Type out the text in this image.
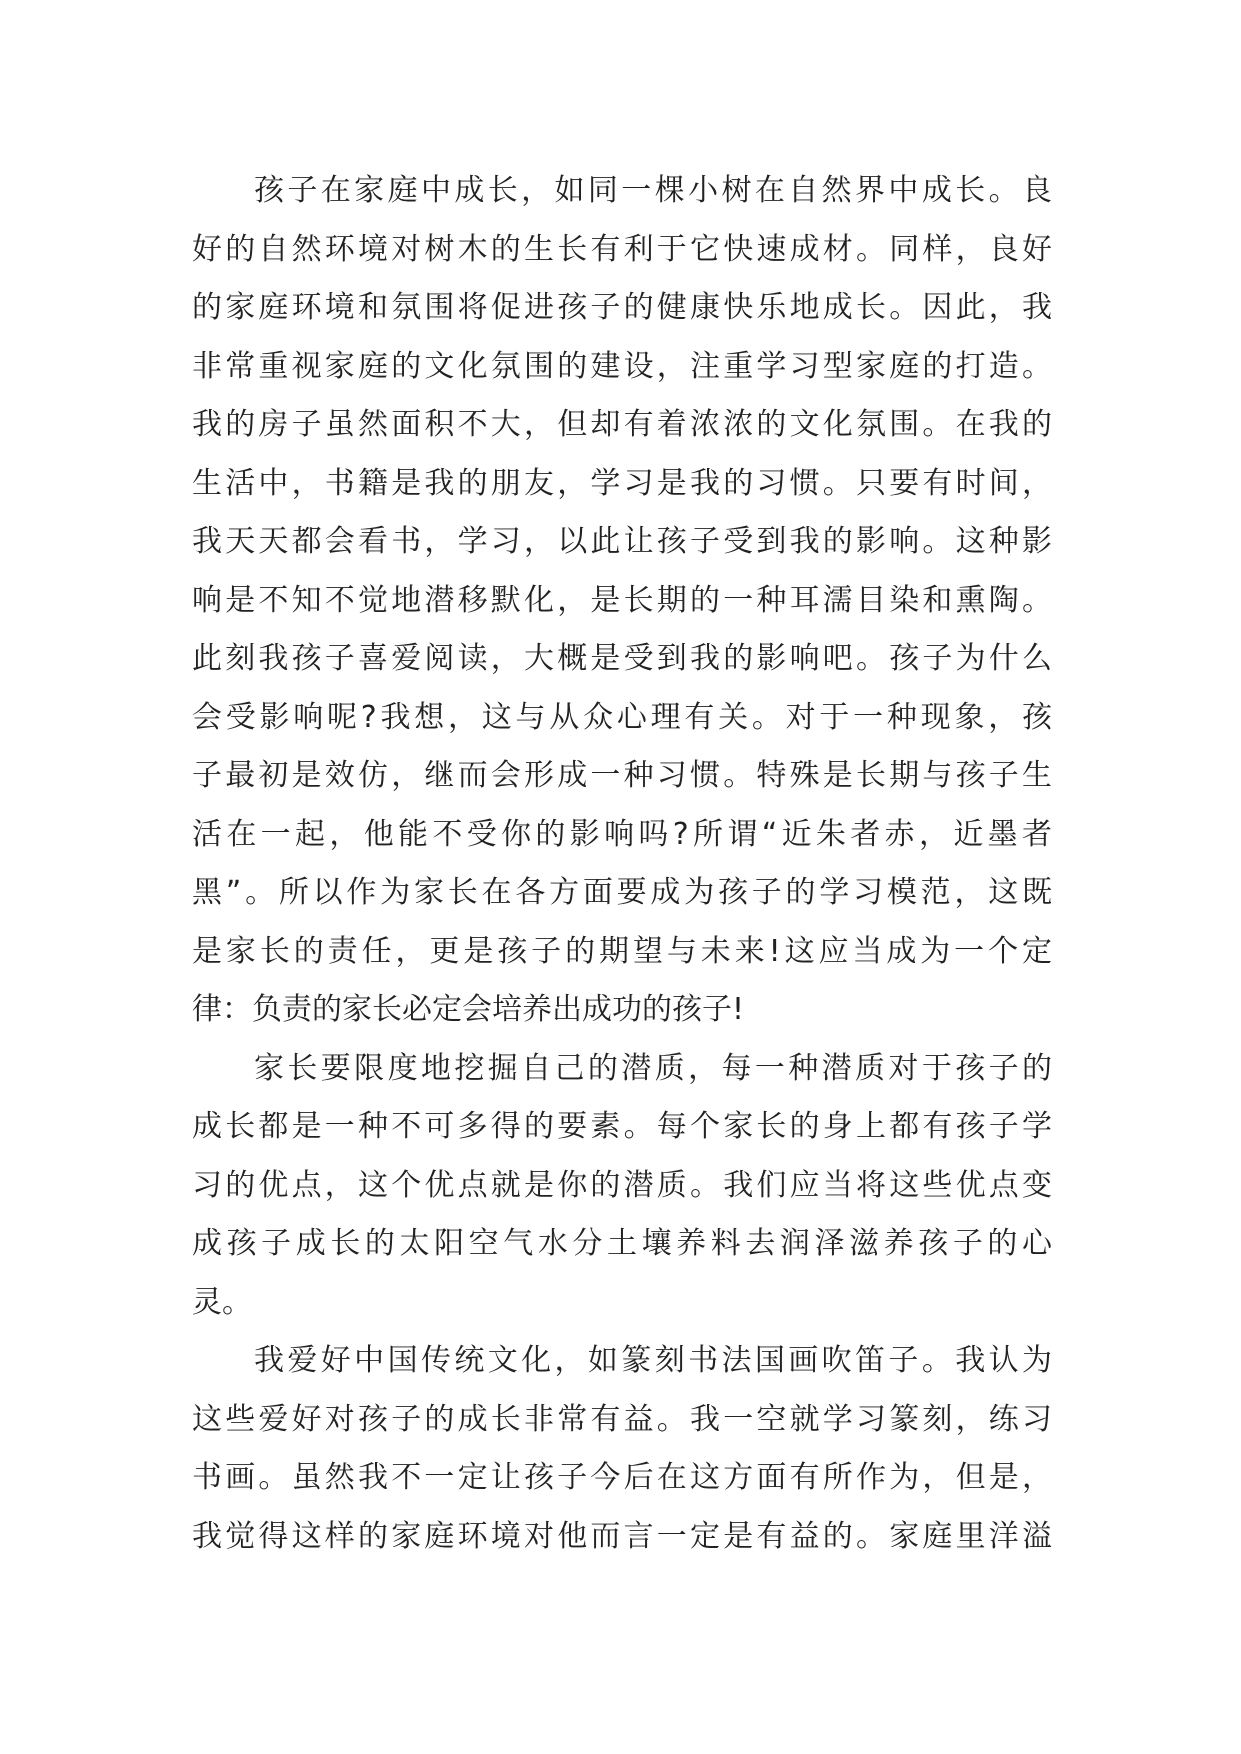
孩子在家庭中成长，如同一棵小树在自然界中成长。良
好的自然环境对树木的生长有利于它快速成材。同样，良好
的家庭环境和氛围将促进孩子的健康快乐地成长。因此，我
非常重视家庭的文化氛围的建设，注重学习型家庭的打造。
我的房子虽然面积不大，但却有着浓浓的文化氛围。在我的
生活中，书籍是我的朋友，学习是我的习惯。只要有时间，
我天天都会看书，学习，以此让孩子受到我的影响。这种影
响是不知不觉地潜移默化，是长期的一种耳濡目染和熏陶。
此刻我孩子喜爱阅读，大概是受到我的影响吧。孩子为什么
会受影响呢?我想，这与从众心理有关。对于一种现象，孩
子最初是效仿，继而会形成一种习惯。特殊是长期与孩子生
活在一起，他能不受你的影响吗?所谓“近朱者赤，近墨者
黑”。所以作为家长在各方面要成为孩子的学习模范，这既
是家长的责任，更是孩子的期望与未来!这应当成为一个定
律：负责的家长必定会培养出成功的孩子!
家长要限度地挖掘自己的潜质，每一种潜质对于孩子的
成长都是一种不可多得的要素。每个家长的身上都有孩子学
习的优点，这个优点就是你的潜质。我们应当将这些优点变
成孩子成长的太阳空气水分土壤养料去润泽滋养孩子的心
灵。
我爱好中国传统文化，如篆刻书法国画吹笛子。我认为
这些爱好对孩子的成长非常有益。我一空就学习篆刻，练习
书画。虽然我不一定让孩子今后在这方面有所作为，但是，
我觉得这样的家庭环境对他而言一定是有益的。家庭里洋溢
